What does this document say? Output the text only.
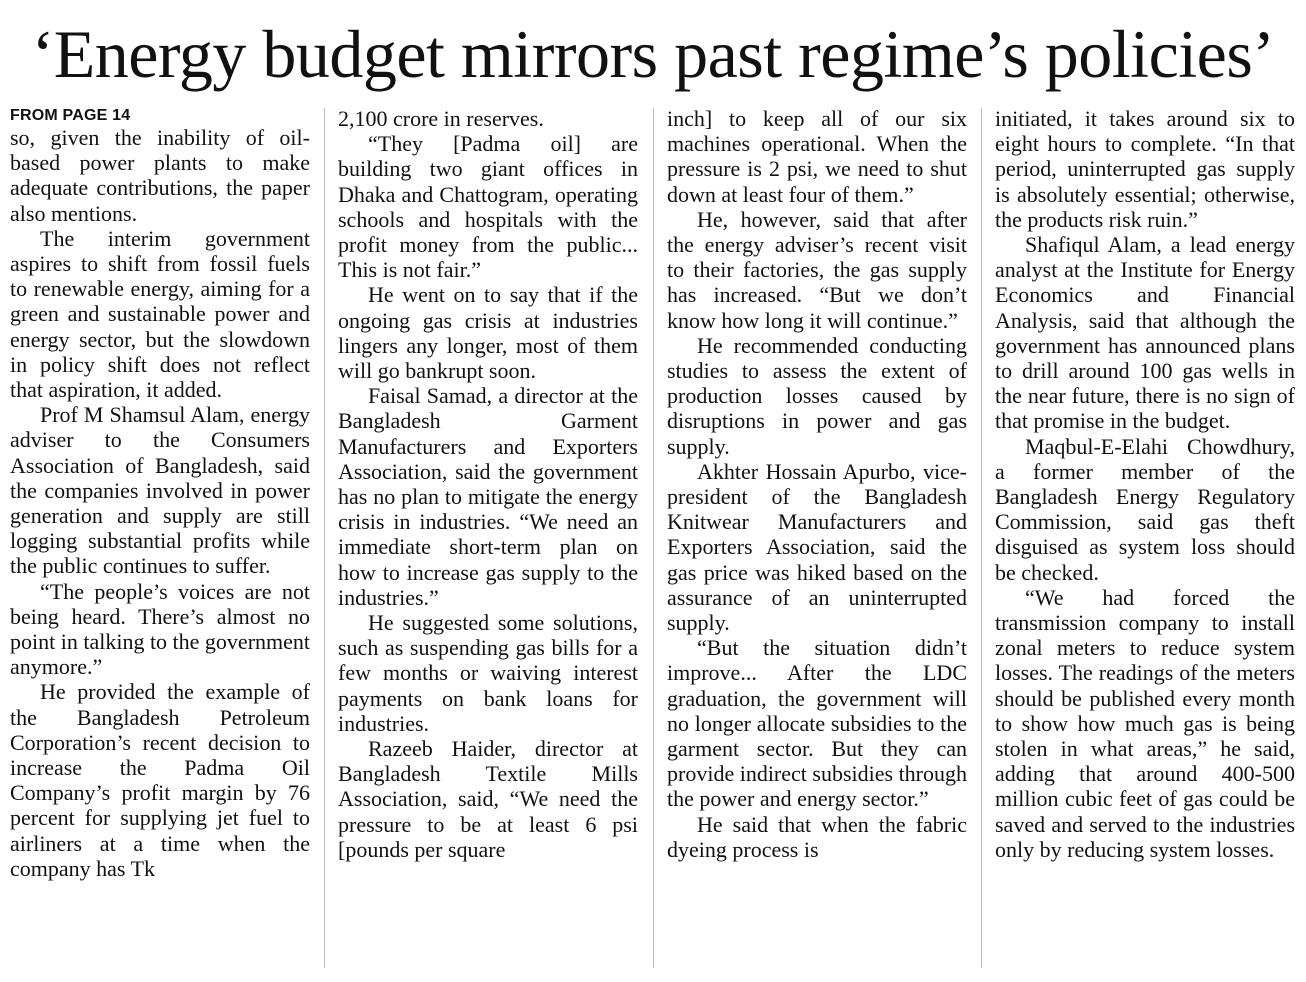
‘Energy budget mirrors past regime’s policies’
FROM PAGE 14

so, given the inability of oil-based power plants to make adequate contributions, the paper also mentions.

The interim government aspires to shift from fossil fuels to renewable energy, aiming for a green and sustainable power and energy sector, but the slowdown in policy shift does not reflect that aspiration, it added.

Prof M Shamsul Alam, energy adviser to the Consumers Association of Bangladesh, said the companies involved in power generation and supply are still logging substantial profits while the public continues to suffer.

“The people’s voices are not being heard. There’s almost no point in talking to the government anymore.”

He provided the example of the Bangladesh Petroleum Corporation’s recent decision to increase the Padma Oil Company’s profit margin by 76 percent for supplying jet fuel to airliners at a time when the company has Tk

2,100 crore in reserves.

“They [Padma oil] are building two giant offices in Dhaka and Chattogram, operating schools and hospitals with the profit money from the public... This is not fair.”

He went on to say that if the ongoing gas crisis at industries lingers any longer, most of them will go bankrupt soon.

Faisal Samad, a director at the Bangladesh Garment Manufacturers and Exporters Association, said the government has no plan to mitigate the energy crisis in industries. “We need an immediate short-term plan on how to increase gas supply to the industries.”

He suggested some solutions, such as suspending gas bills for a few months or waiving interest payments on bank loans for industries.

Razeeb Haider, director at Bangladesh Textile Mills Association, said, “We need the pressure to be at least 6 psi [pounds per square

inch] to keep all of our six machines operational. When the pressure is 2 psi, we need to shut down at least four of them.”

He, however, said that after the energy adviser’s recent visit to their factories, the gas supply has increased. “But we don’t know how long it will continue.”

He recommended conducting studies to assess the extent of production losses caused by disruptions in power and gas supply.

Akhter Hossain Apurbo, vice-president of the Bangladesh Knitwear Manufacturers and Exporters Association, said the gas price was hiked based on the assurance of an uninterrupted supply.

“But the situation didn’t improve... After the LDC graduation, the government will no longer allocate subsidies to the garment sector. But they can provide indirect subsidies through the power and energy sector.”

He said that when the fabric dyeing process is

initiated, it takes around six to eight hours to complete. “In that period, uninterrupted gas supply is absolutely essential; otherwise, the products risk ruin.”

Shafiqul Alam, a lead energy analyst at the Institute for Energy Economics and Financial Analysis, said that although the government has announced plans to drill around 100 gas wells in the near future, there is no sign of that promise in the budget.

Maqbul-E-Elahi Chowdhury, a former member of the Bangladesh Energy Regulatory Commission, said gas theft disguised as system loss should be checked.

“We had forced the transmission company to install zonal meters to reduce system losses. The readings of the meters should be published every month to show how much gas is being stolen in what areas,” he said, adding that around 400-500 million cubic feet of gas could be saved and served to the industries only by reducing system losses.
